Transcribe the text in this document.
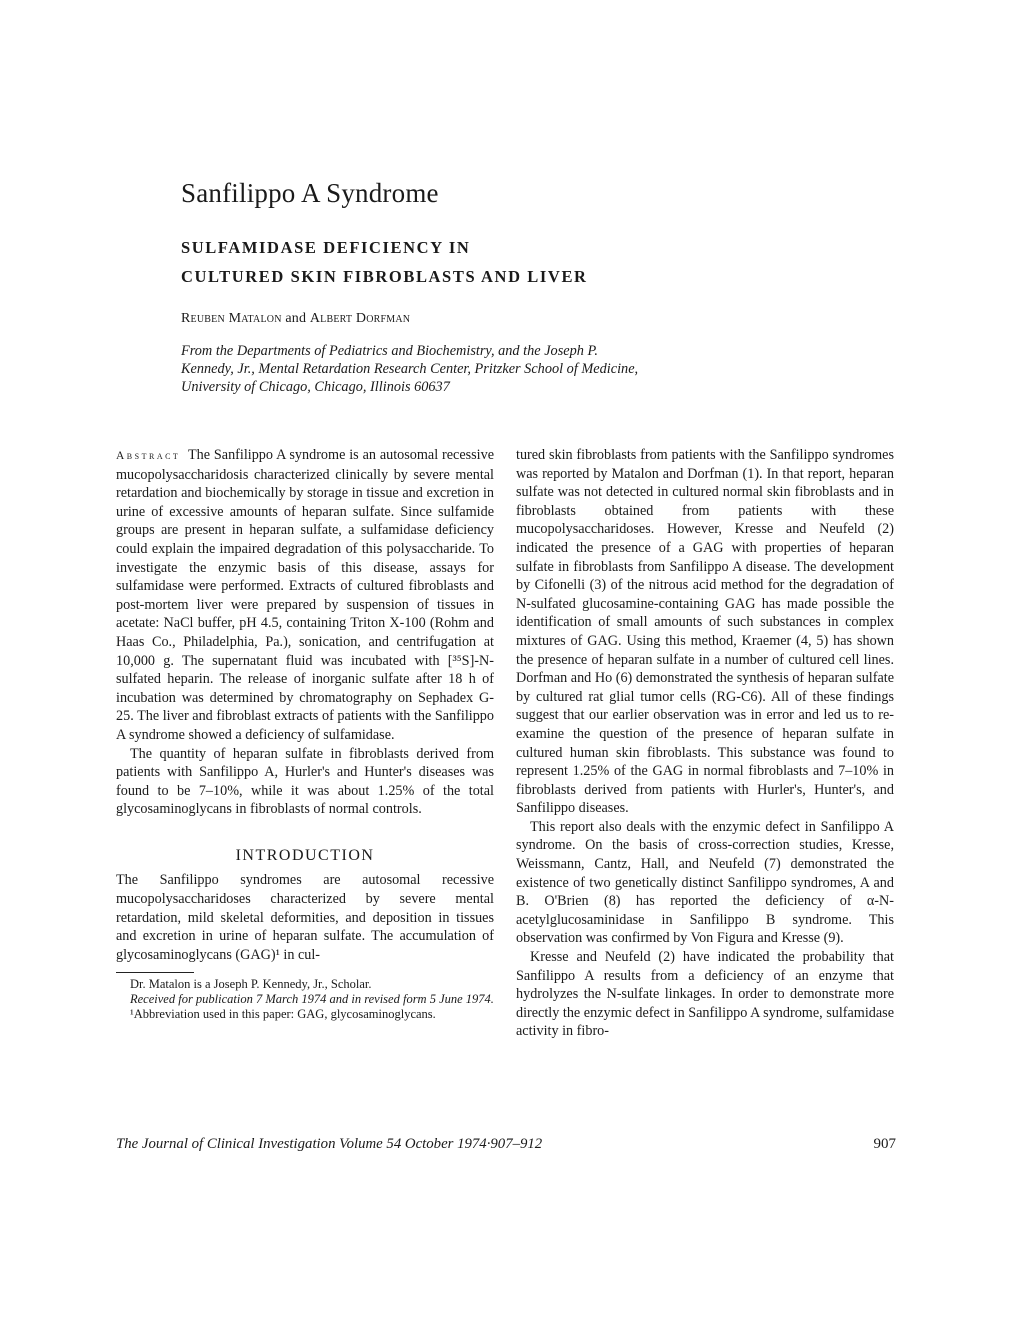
Sanfilippo A Syndrome
SULFAMIDASE DEFICIENCY IN
CULTURED SKIN FIBROBLASTS AND LIVER
Reuben Matalon and Albert Dorfman
From the Departments of Pediatrics and Biochemistry, and the Joseph P.
Kennedy, Jr., Mental Retardation Research Center, Pritzker School of Medicine,
University of Chicago, Chicago, Illinois 60637

Abstract The Sanfilippo A syndrome is an autosomal recessive mucopolysaccharidosis characterized clinically by severe mental retardation and biochemically by storage in tissue and excretion in urine of excessive amounts of heparan sulfate. Since sulfamide groups are present in heparan sulfate, a sulfamidase deficiency could explain the impaired degradation of this polysaccharide. To investigate the enzymic basis of this disease, assays for sulfamidase were performed. Extracts of cultured fibroblasts and post-mortem liver were prepared by suspension of tissues in acetate: NaCl buffer, pH 4.5, containing Triton X-100 (Rohm and Haas Co., Philadelphia, Pa.), sonication, and centrifugation at 10,000 g. The supernatant fluid was incubated with [³⁵S]-N-sulfated heparin. The release of inorganic sulfate after 18 h of incubation was determined by chromatography on Sephadex G-25. The liver and fibroblast extracts of patients with the Sanfilippo A syndrome showed a deficiency of sulfamidase.

The quantity of heparan sulfate in fibroblasts derived from patients with Sanfilippo A, Hurler's and Hunter's diseases was found to be 7–10%, while it was about 1.25% of the total glycosaminoglycans in fibroblasts of normal controls.

INTRODUCTION

The Sanfilippo syndromes are autosomal recessive mucopolysaccharidoses characterized by severe mental retardation, mild skeletal deformities, and deposition in tissues and excretion in urine of heparan sulfate. The accumulation of glycosaminoglycans (GAG)¹ in cul-

Dr. Matalon is a Joseph P. Kennedy, Jr., Scholar.
Received for publication 7 March 1974 and in revised form 5 June 1974.
¹Abbreviation used in this paper: GAG, glycosaminoglycans.

tured skin fibroblasts from patients with the Sanfilippo syndromes was reported by Matalon and Dorfman (1). In that report, heparan sulfate was not detected in cultured normal skin fibroblasts and in fibroblasts obtained from patients with these mucopolysaccharidoses. However, Kresse and Neufeld (2) indicated the presence of a GAG with properties of heparan sulfate in fibroblasts from Sanfilippo A disease. The development by Cifonelli (3) of the nitrous acid method for the degradation of N-sulfated glucosamine-containing GAG has made possible the identification of small amounts of such substances in complex mixtures of GAG. Using this method, Kraemer (4, 5) has shown the presence of heparan sulfate in a number of cultured cell lines. Dorfman and Ho (6) demonstrated the synthesis of heparan sulfate by cultured rat glial tumor cells (RG-C6). All of these findings suggest that our earlier observation was in error and led us to re-examine the question of the presence of heparan sulfate in cultured human skin fibroblasts. This substance was found to represent 1.25% of the GAG in normal fibroblasts and 7–10% in fibroblasts derived from patients with Hurler's, Hunter's, and Sanfilippo diseases.

This report also deals with the enzymic defect in Sanfilippo A syndrome. On the basis of cross-correction studies, Kresse, Weissmann, Cantz, Hall, and Neufeld (7) demonstrated the existence of two genetically distinct Sanfilippo syndromes, A and B. O'Brien (8) has reported the deficiency of α-N-acetylglucosaminidase in Sanfilippo B syndrome. This observation was confirmed by Von Figura and Kresse (9).

Kresse and Neufeld (2) have indicated the probability that Sanfilippo A results from a deficiency of an enzyme that hydrolyzes the N-sulfate linkages. In order to demonstrate more directly the enzymic defect in Sanfilippo A syndrome, sulfamidase activity in fibro-

The Journal of Clinical Investigation Volume 54 October 1974·907–912	907
